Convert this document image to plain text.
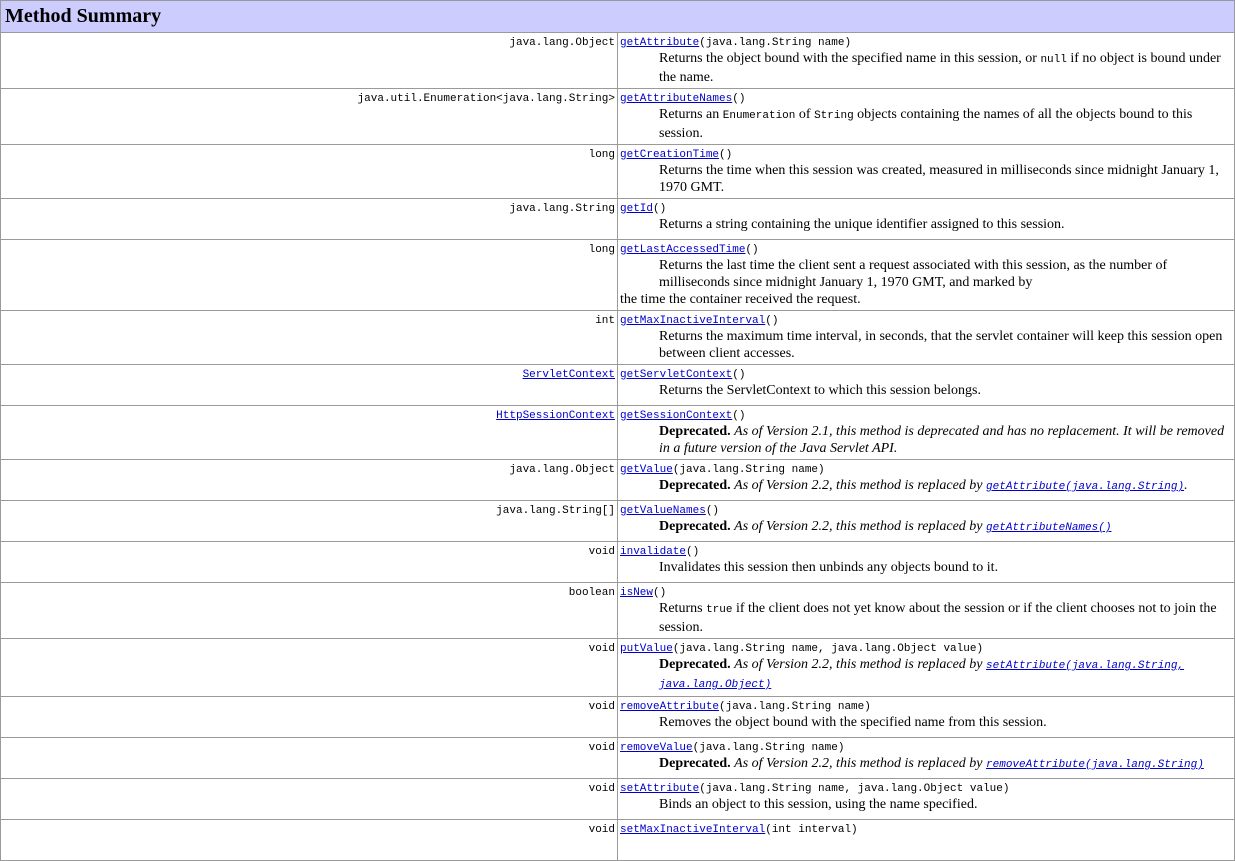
Method Summary	
java.lang.Object	getAttribute(java.lang.String name)
Returns the object bound with the specified name in this session, or null if no object is bound under the name.

java.util.Enumeration<java.lang.String>	getAttributeNames()
Returns an Enumeration of String objects containing the names of all the objects bound to this session.

long	getCreationTime()
Returns the time when this session was created, measured in milliseconds since midnight January 1, 1970 GMT.

java.lang.String	getId()
Returns a string containing the unique identifier assigned to this session.

long	getLastAccessedTime()
Returns the last time the client sent a request associated with this session, as the number of milliseconds since midnight January 1, 1970 GMT, and marked by
the time the container received the request.

int	getMaxInactiveInterval()
Returns the maximum time interval, in seconds, that the servlet container will keep this session open between client accesses.

ServletContext	getServletContext()
Returns the ServletContext to which this session belongs.

HttpSessionContext	getSessionContext()
Deprecated. As of Version 2.1, this method is deprecated and has no replacement. It will be removed in a future version of the Java Servlet API.

java.lang.Object	getValue(java.lang.String name)
Deprecated. As of Version 2.2, this method is replaced by getAttribute(java.lang.String).

java.lang.String[]	getValueNames()
Deprecated. As of Version 2.2, this method is replaced by getAttributeNames()

void	invalidate()
Invalidates this session then unbinds any objects bound to it.

boolean	isNew()
Returns true if the client does not yet know about the session or if the client chooses not to join the session.

void	putValue(java.lang.String name, java.lang.Object value)
Deprecated. As of Version 2.2, this method is replaced by setAttribute(java.lang.String, java.lang.Object)

void	removeAttribute(java.lang.String name)
Removes the object bound with the specified name from this session.

void	removeValue(java.lang.String name)
Deprecated. As of Version 2.2, this method is replaced by removeAttribute(java.lang.String)

void	setAttribute(java.lang.String name, java.lang.Object value)
Binds an object to this session, using the name specified.

void	setMaxInactiveInterval(int interval)
